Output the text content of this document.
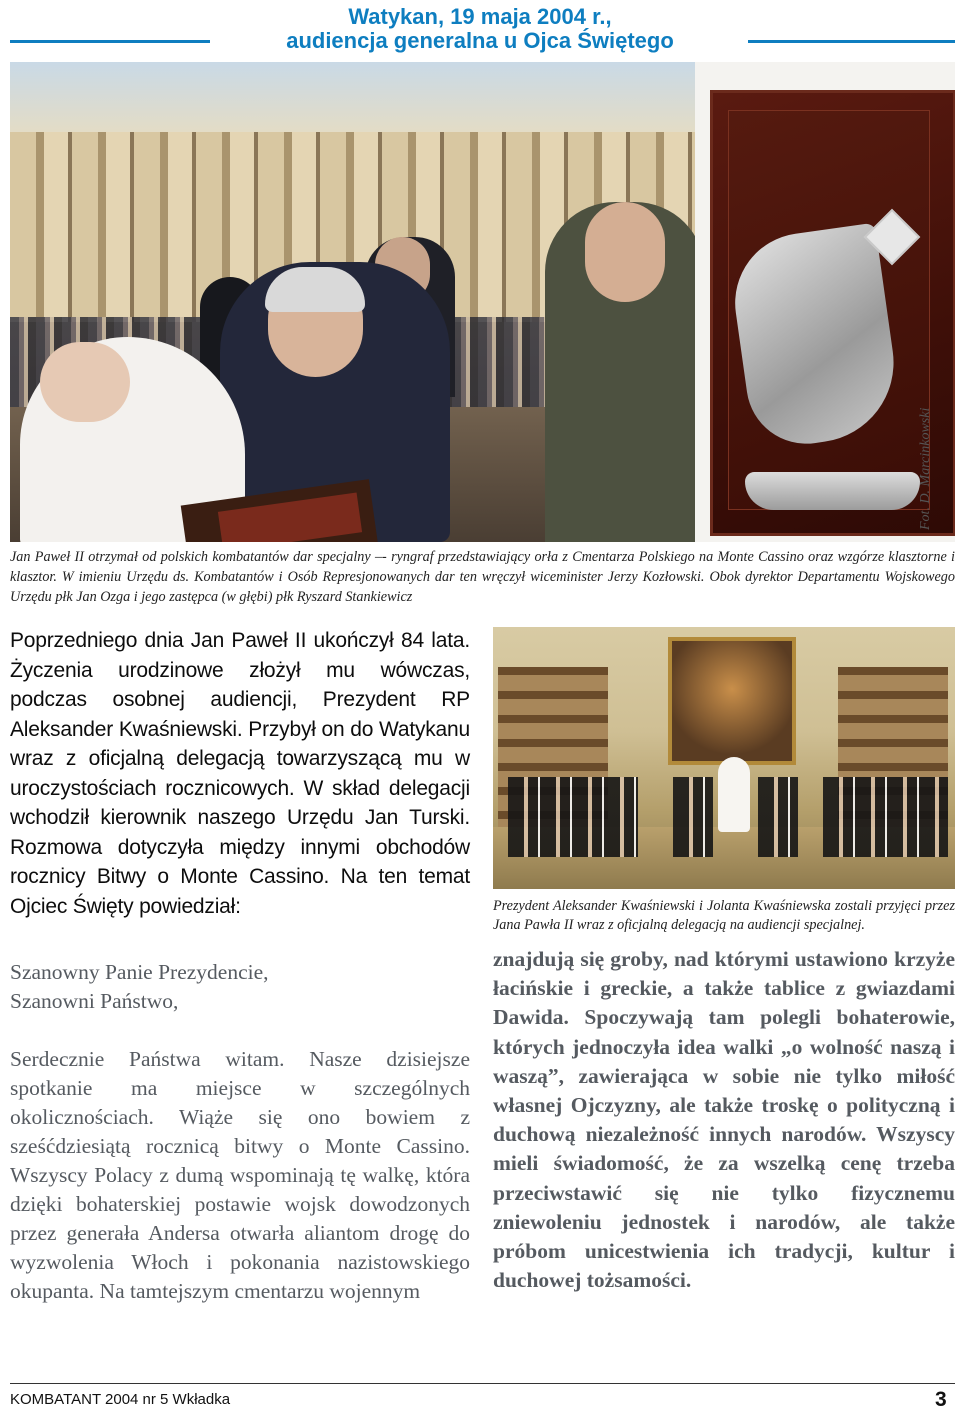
Watykan, 19 maja 2004 r.,
audiencja generalna u Ojca Świętego
Fot. D. Marcinkowski
Jan Paweł II otrzymał od polskich kombatantów dar specjalny –- ryngraf przedstawiający orła z Cmentarza Polskiego na Monte Cassino oraz wzgórze klasztorne i klasztor. W imieniu Urzędu ds. Kombatantów i Osób Represjonowanych dar ten wręczył wiceminister Jerzy Kozłowski. Obok dyrektor Departamentu Wojskowego Urzędu płk Jan Ozga i jego zastępca (w głębi) płk Ryszard Stankiewicz
Poprzedniego dnia Jan Paweł II ukończył 84 lata. Życzenia urodzinowe złożył mu wówczas, podczas osobnej audiencji, Prezydent RP Aleksander Kwaśniewski. Przybył on do Watykanu wraz z oficjalną delegacją towarzyszącą mu w uroczystościach rocznicowych. W skład delegacji wchodził kierownik naszego Urzędu Jan Turski. Rozmowa dotyczyła między innymi obchodów rocznicy Bitwy o Monte Cassino. Na ten temat Ojciec Święty powiedział:

Szanowny Panie Prezydencie,

Szanowni Państwo,

Serdecznie Państwa witam. Nasze dzisiejsze spotkanie ma miejsce w szczególnych okolicznościach. Wiąże się ono bowiem z sześćdziesiątą rocznicą bitwy o Monte Cassino. Wszyscy Polacy z dumą wspominają tę walkę, która dzięki bohaterskiej postawie wojsk dowodzonych przez generała Andersa otwarła aliantom drogę do wyzwolenia Włoch i pokonania nazistowskiego okupanta. Na tamtejszym cmentarzu wojennym

Prezydent Aleksander Kwaśniewski i Jolanta Kwaśniewska zostali przyjęci przez Jana Pawła II wraz z oficjalną delegacją na audiencji specjalnej.
znajdują się groby, nad którymi ustawiono krzyże łacińskie i greckie, a także tablice z gwiazdami Dawida. Spoczywają tam polegli bohaterowie, których jednoczyła idea walki „o wolność naszą i waszą”, zawierająca w sobie nie tylko miłość własnej Ojczyzny, ale także troskę o polityczną i duchową niezależność innych narodów. Wszyscy mieli świadomość, że za wszelką cenę trzeba przeciwstawić się nie tylko fizycznemu zniewoleniu jednostek i narodów, ale także próbom unicestwienia ich tradycji, kultur i duchowej tożsamości.
KOMBATANT 2004 nr 5 Wkładka	3
